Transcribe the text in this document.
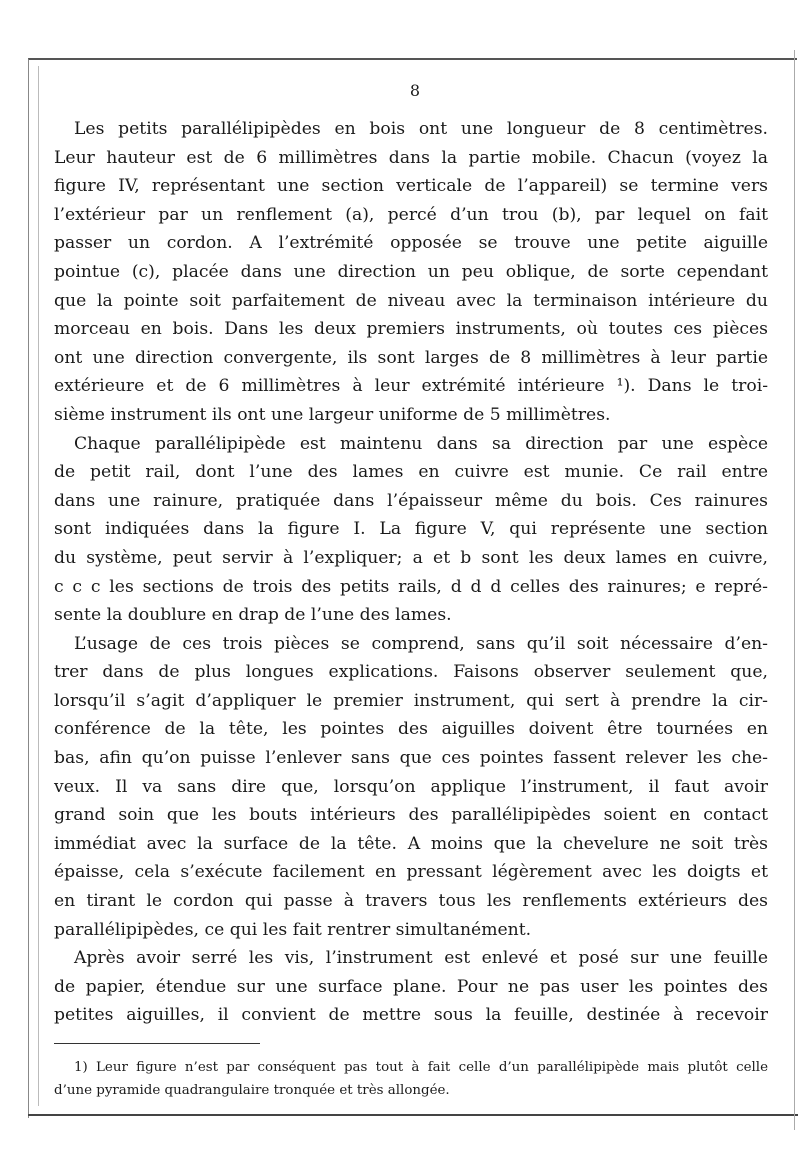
8
Les petits parallélipipèdes en bois ont une longueur de 8 centimètres.
Leur hauteur est de 6 millimètres dans la partie mobile. Chacun (voyez la
figure IV, représentant une section verticale de l’appareil) se termine vers
l’extérieur par un renflement (a), percé d’un trou (b), par lequel on fait
passer un cordon. A l’extrémité opposée se trouve une petite aiguille
pointue (c), placée dans une direction un peu oblique, de sorte cependant
que la pointe soit parfaitement de niveau avec la terminaison intérieure du
morceau en bois. Dans les deux premiers instruments, où toutes ces pièces
ont une direction convergente, ils sont larges de 8 millimètres à leur partie
extérieure et de 6 millimètres à leur extrémité intérieure ¹). Dans le troi-
sième instrument ils ont une largeur uniforme de 5 millimètres.
Chaque parallélipipède est maintenu dans sa direction par une espèce
de petit rail, dont l’une des lames en cuivre est munie. Ce rail entre
dans une rainure, pratiquée dans l’épaisseur même du bois. Ces rainures
sont indiquées dans la figure I. La figure V, qui représente une section
du système, peut servir à l’expliquer; a et b sont les deux lames en cuivre,
c c c les sections de trois des petits rails, d d d celles des rainures; e repré-
sente la doublure en drap de l’une des lames.
L’usage de ces trois pièces se comprend, sans qu’il soit nécessaire d’en-
trer dans de plus longues explications. Faisons observer seulement que,
lorsqu’il s’agit d’appliquer le premier instrument, qui sert à prendre la cir-
conférence de la tête, les pointes des aiguilles doivent être tournées en
bas, afin qu’on puisse l’enlever sans que ces pointes fassent relever les che-
veux. Il va sans dire que, lorsqu’on applique l’instrument, il faut avoir
grand soin que les bouts intérieurs des parallélipipèdes soient en contact
immédiat avec la surface de la tête. A moins que la chevelure ne soit très
épaisse, cela s’exécute facilement en pressant légèrement avec les doigts et
en tirant le cordon qui passe à travers tous les renflements extérieurs des
parallélipipèdes, ce qui les fait rentrer simultanément.
Après avoir serré les vis, l’instrument est enlevé et posé sur une feuille
de papier, étendue sur une surface plane. Pour ne pas user les pointes des
petites aiguilles, il convient de mettre sous la feuille, destinée à recevoir
1) Leur figure n’est par conséquent pas tout à fait celle d’un parallélipipède mais plutôt celle
d’une pyramide quadrangulaire tronquée et très allongée.
